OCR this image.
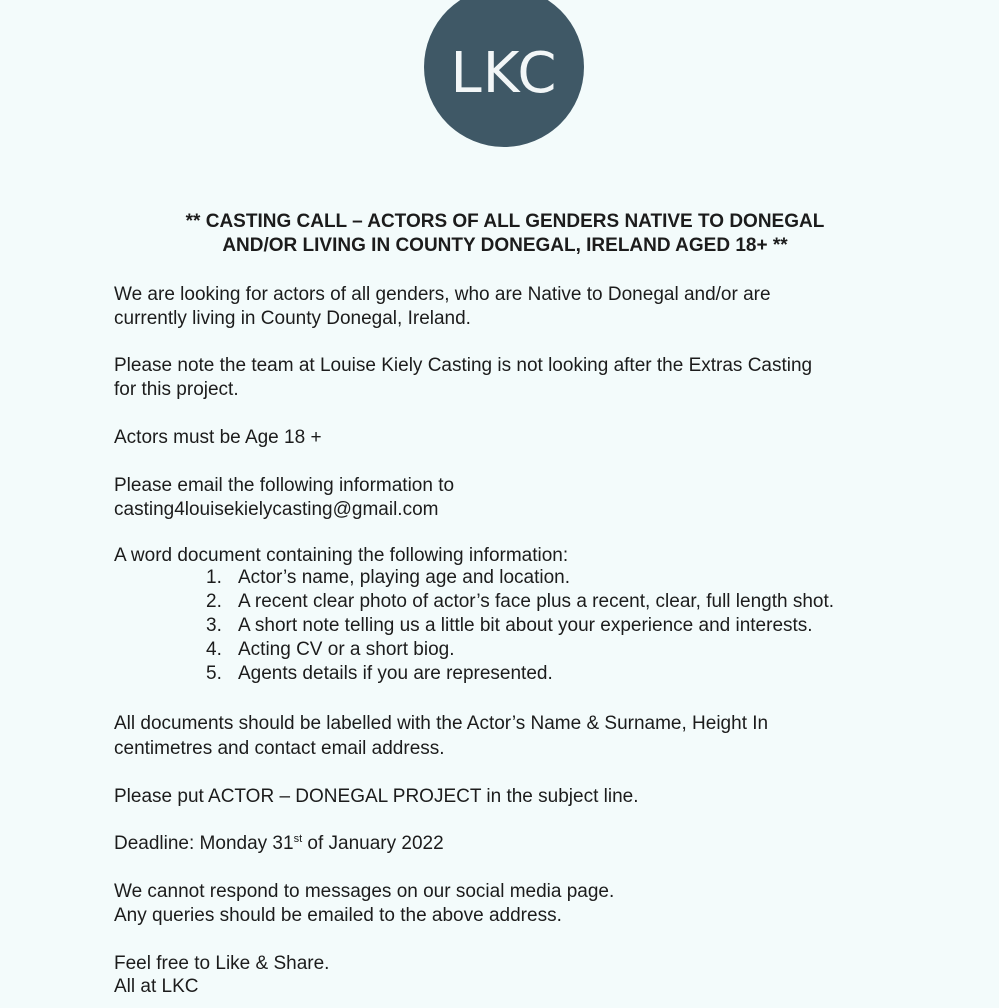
LKC
** CASTING CALL – ACTORS OF ALL GENDERS NATIVE TO DONEGAL
AND/OR LIVING IN COUNTY DONEGAL, IRELAND AGED 18+ **
We are looking for actors of all genders, who are Native to Donegal and/or are
currently living in County Donegal, Ireland.
Please note the team at Louise Kiely Casting is not looking after the Extras Casting
for this project.
Actors must be Age 18 +
Please email the following information to
casting4louisekielycasting@gmail.com
A word document containing the following information:
1. Actor’s name, playing age and location.
2. A recent clear photo of actor’s face plus a recent, clear, full length shot.
3. A short note telling us a little bit about your experience and interests.
4. Acting CV or a short biog.
5. Agents details if you are represented.
All documents should be labelled with the Actor’s Name & Surname, Height In
centimetres and contact email address.
Please put ACTOR – DONEGAL PROJECT in the subject line.
Deadline: Monday 31st of January 2022
We cannot respond to messages on our social media page.
Any queries should be emailed to the above address.
Feel free to Like & Share.
All at LKC
